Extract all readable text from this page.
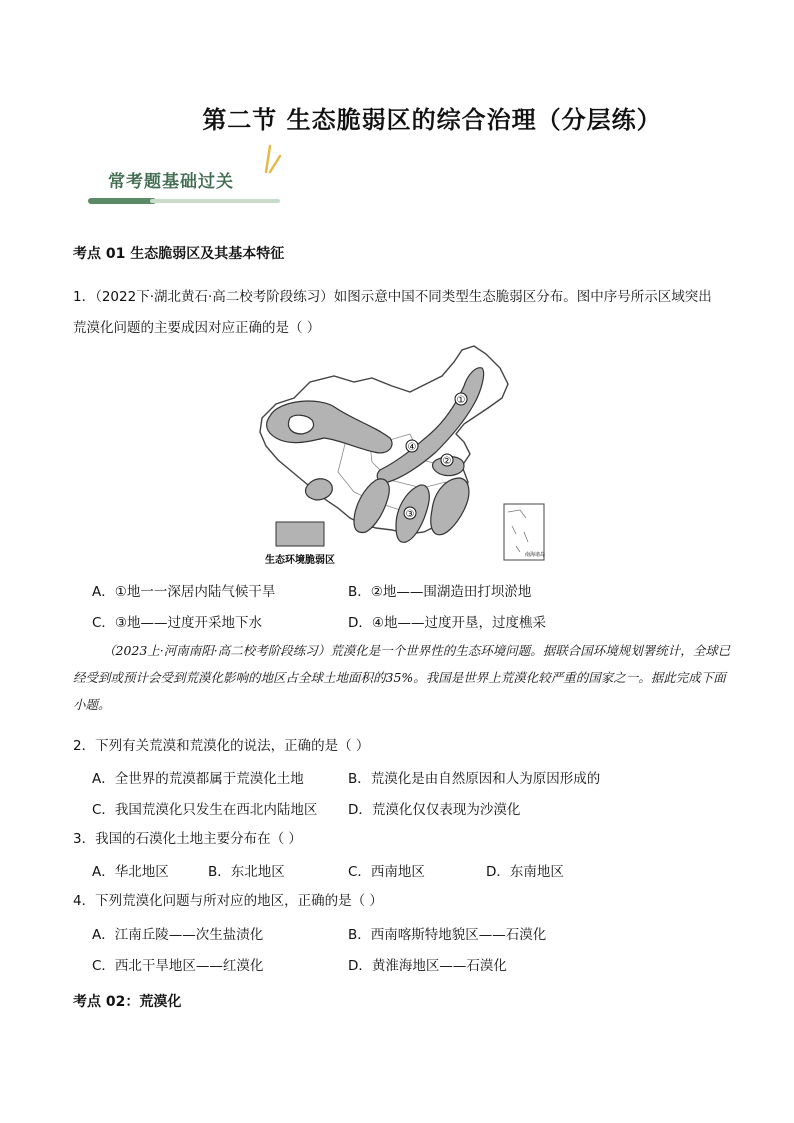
第二节 生态脆弱区的综合治理（分层练）
常考题基础过关
考点 01 生态脆弱区及其基本特征
1．（2022下·湖北黄石·高二校考阶段练习）如图示意中国不同类型生态脆弱区分布。图中序号所示区域突出
荒漠化问题的主要成因对应正确的是（ ）
①
②
③
④
生态环境脆弱区	南海诸岛
A．①地一一深居内陆气候干旱	B．②地——围湖造田打坝淤地
C．③地——过度开采地下水	D．④地——过度开垦，过度樵采
（2023上·河南南阳·高二校考阶段练习）荒漠化是一个世界性的生态环境问题。据联合国环境规划署统计，全球已经受到或预计会受到荒漠化影响的地区占全球土地面积的35%。我国是世界上荒漠化较严重的国家之一。据此完成下面小题。
2．下列有关荒漠和荒漠化的说法，正确的是（ ）
A．全世界的荒漠都属于荒漠化土地	B．荒漠化是由自然原因和人为原因形成的
C．我国荒漠化只发生在西北内陆地区 D．荒漠化仅仅表现为沙漠化
3．我国的石漠化土地主要分布在（ ）
A．华北地区	B．东北地区	C．西南地区	D．东南地区
4．下列荒漠化问题与所对应的地区，正确的是（ ）
A．江南丘陵——次生盐渍化	B．西南喀斯特地貌区——石漠化
C．西北干旱地区——红漠化	D．黄淮海地区——石漠化
考点 02：荒漠化
